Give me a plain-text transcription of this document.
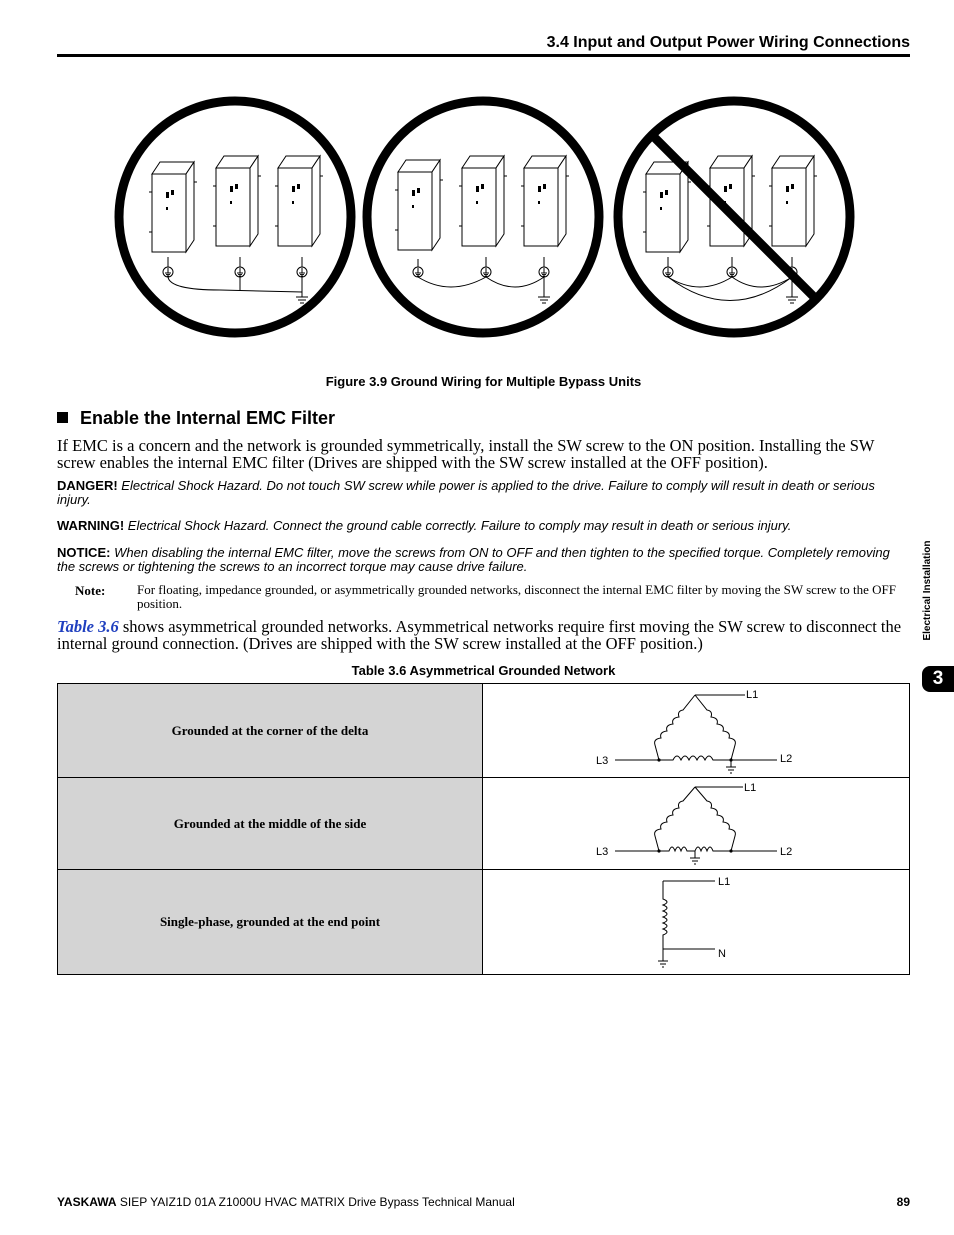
3.4 Input and Output Power Wiring Connections
Figure 3.9 Ground Wiring for Multiple Bypass Units
Enable the Internal EMC Filter
If EMC is a concern and the network is grounded symmetrically, install the SW screw to the ON position. Installing the SW screw enables the internal EMC filter (Drives are shipped with the SW screw installed at the OFF position).
DANGER! Electrical Shock Hazard. Do not touch SW screw while power is applied to the drive. Failure to comply will result in death or serious injury.
WARNING! Electrical Shock Hazard. Connect the ground cable correctly. Failure to comply may result in death or serious injury.
NOTICE: When disabling the internal EMC filter, move the screws from ON to OFF and then tighten to the specified torque. Completely removing the screws or tightening the screws to an incorrect torque may cause drive failure.
Note: For floating, impedance grounded, or asymmetrically grounded networks, disconnect the internal EMC filter by moving the SW screw to the OFF position.
Table 3.6 shows asymmetrical grounded networks. Asymmetrical networks require first moving the SW screw to disconnect the internal ground connection. (Drives are shipped with the SW screw installed at the OFF position.)
Table 3.6 Asymmetrical Grounded Network
Grounded at the corner of the delta	L1
L3 L2

Grounded at the middle of the side	L1
L3 L2

Single-phase, grounded at the end point	L1
N
Electrical Installation
3
YASKAWA SIEP YAIZ1D 01A Z1000U HVAC MATRIX Drive Bypass Technical Manual	89
